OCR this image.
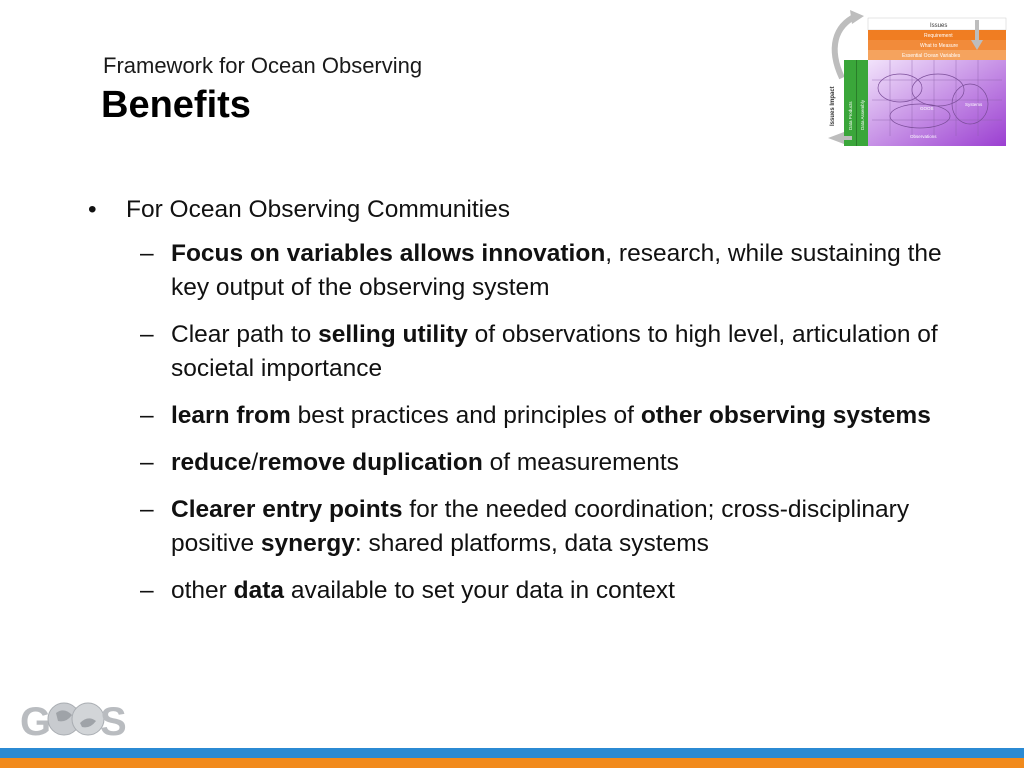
Framework for Ocean Observing
Benefits
Issues
Requirement
What to Measure
Essential Ocean Variables
Issues Impact	Data Products Data Assembly	Systems
GOOS
Observations
• For Ocean Observing Communities
– Focus on variables allows innovation, research, while sustaining the key output of the observing system
– Clear path to selling utility of observations to high level, articulation of societal importance
– learn from best practices and principles of other observing systems
– reduce/remove duplication of measurements
– Clearer entry points for the needed coordination; cross-disciplinary positive synergy: shared platforms, data systems
– other data available to set your data in context
G S
